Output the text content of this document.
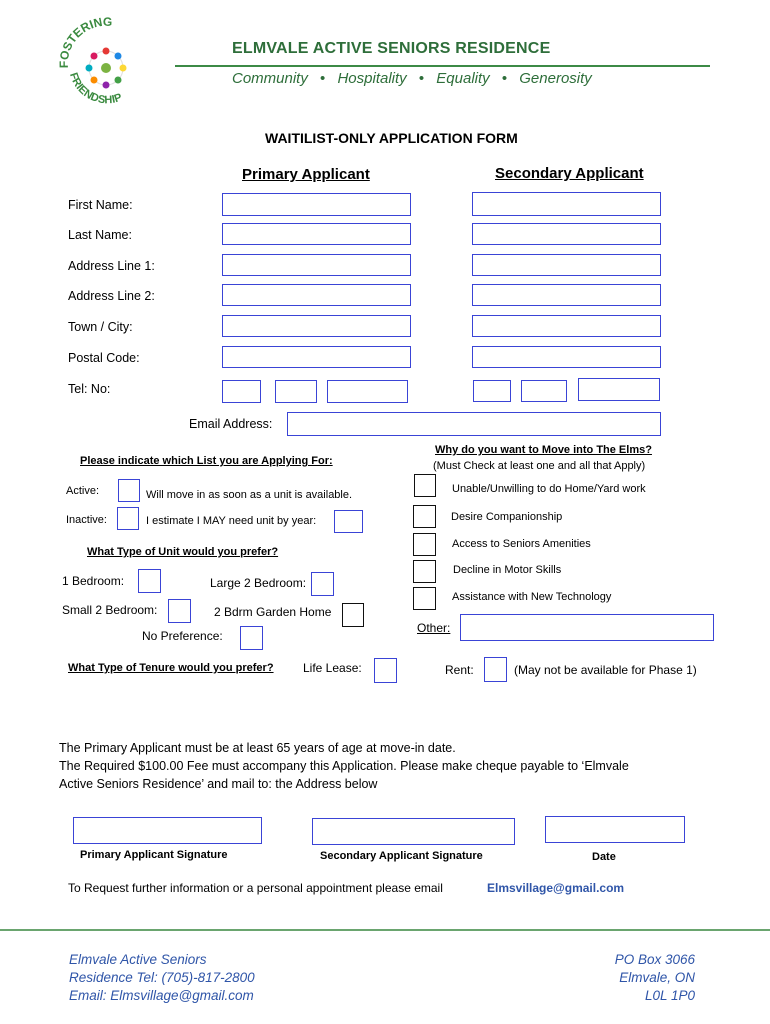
FOSTERING
FRIENDSHIP
ELMVALE ACTIVE SENIORS RESIDENCE
Community • Hospitality • Equality • Generosity
WAITILIST-ONLY APPLICATION FORM
Primary Applicant	Secondary Applicant
First Name:
Last Name:
Address Line 1:
Address Line 2:
Town / City:
Postal Code:
Tel: No:
Email Address:
Please indicate which List you are Applying For:
Active:	Will move in as soon as a unit is available.
Inactive:	I estimate I MAY need unit by year:
What Type of Unit would you prefer?
1 Bedroom:	Large 2 Bedroom:
Small 2 Bedroom:	2 Bdrm Garden Home
No Preference:
What Type of Tenure would you prefer? Life Lease:	Rent:	(May not be available for Phase 1)
Why do you want to Move into The Elms?
(Must Check at least one and all that Apply)
Unable/Unwilling to do Home/Yard work
Desire Companionship
Access to Seniors Amenities
Decline in Motor Skills
Assistance with New Technology
Other:
The Primary Applicant must be at least 65 years of age at move-in date.
The Required $100.00 Fee must accompany this Application. Please make cheque payable to ‘Elmvale
Active Seniors Residence’ and mail to: the Address below
Primary Applicant Signature	Secondary Applicant Signature	Date
To Request further information or a personal appointment please email	Elmsvillage@gmail.com
Elmvale Active Seniors
Residence Tel: (705)-817-2800
Email: Elmsvillage@gmail.com
PO Box 3066
Elmvale, ON
L0L 1P0
